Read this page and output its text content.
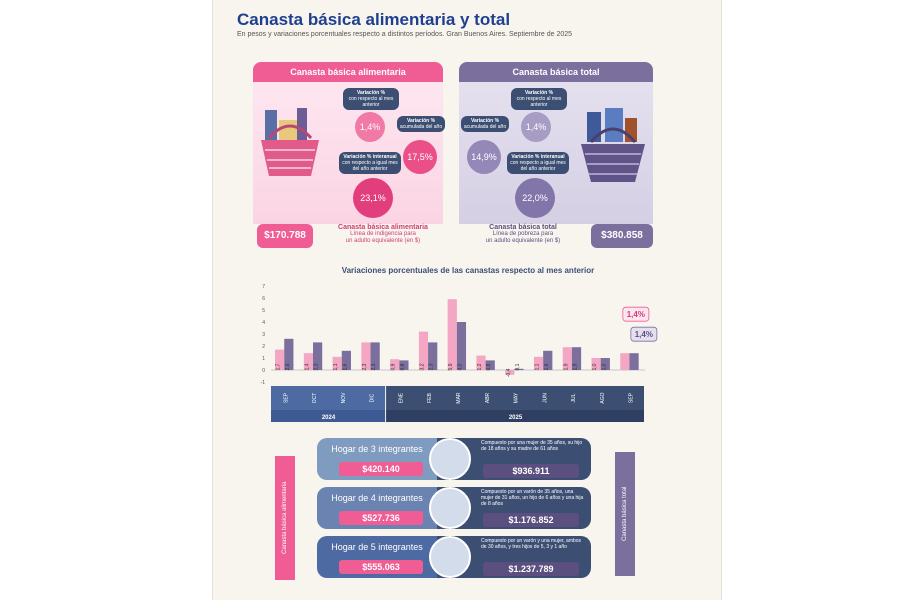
Canasta básica alimentaria y total
En pesos y variaciones porcentuales respecto a distintos períodos. Gran Buenos Aires. Septiembre de 2025
Canasta básica alimentaria
Variación %
con respecto al mes anterior
1,4%
Variación %
acumulada del año
17,5%
Variación % interanual
con respecto a igual mes del año anterior
23,1%
$170.788
Canasta básica alimentaria
Línea de indigencia para
un adulto equivalente (en $)
Canasta básica total
Variación %
con respecto al mes anterior
1,4%
Variación %
acumulada del año
14,9%	Variación % interanual
con respecto a igual mes del año anterior
22,0%
Canasta básica total
Línea de pobreza para
un adulto equivalente (en $)	$380.858
Variaciones porcentuales de las canastas respecto al mes anterior
-1
0
1
2
3
4
5
6
7
1,7	1,4	1,1	2,3	0,9	3,2	5,9	1,2
-0,4
1,1	1,9	1,0
2,6	2,3	1,6	2,3	0,8	2,3	4,0	0,8	0,1	1,6	1,9	1,0
1,4%
1,4%
2024	2025
SEP	OCT	NOV	DIC	ENE	FEB	MAR	ABR	MAY	JUN	JUL	AGO	SEP
Canasta básica alimentaria	Canasta básica total
Hogar de 3 integrantes
$420.140
Compuesto por una mujer de 35 años, su hijo de 18 años y su madre de 61 años
$936.911
Hogar de 4 integrantes
$527.736
Compuesto por un varón de 35 años, una mujer de 31 años, un hijo de 6 años y una hija de 8 años
$1.176.852
Hogar de 5 integrantes
$555.063
Compuesto por un varón y una mujer, ambos de 30 años, y tres hijos de 5, 3 y 1 año
$1.237.789
